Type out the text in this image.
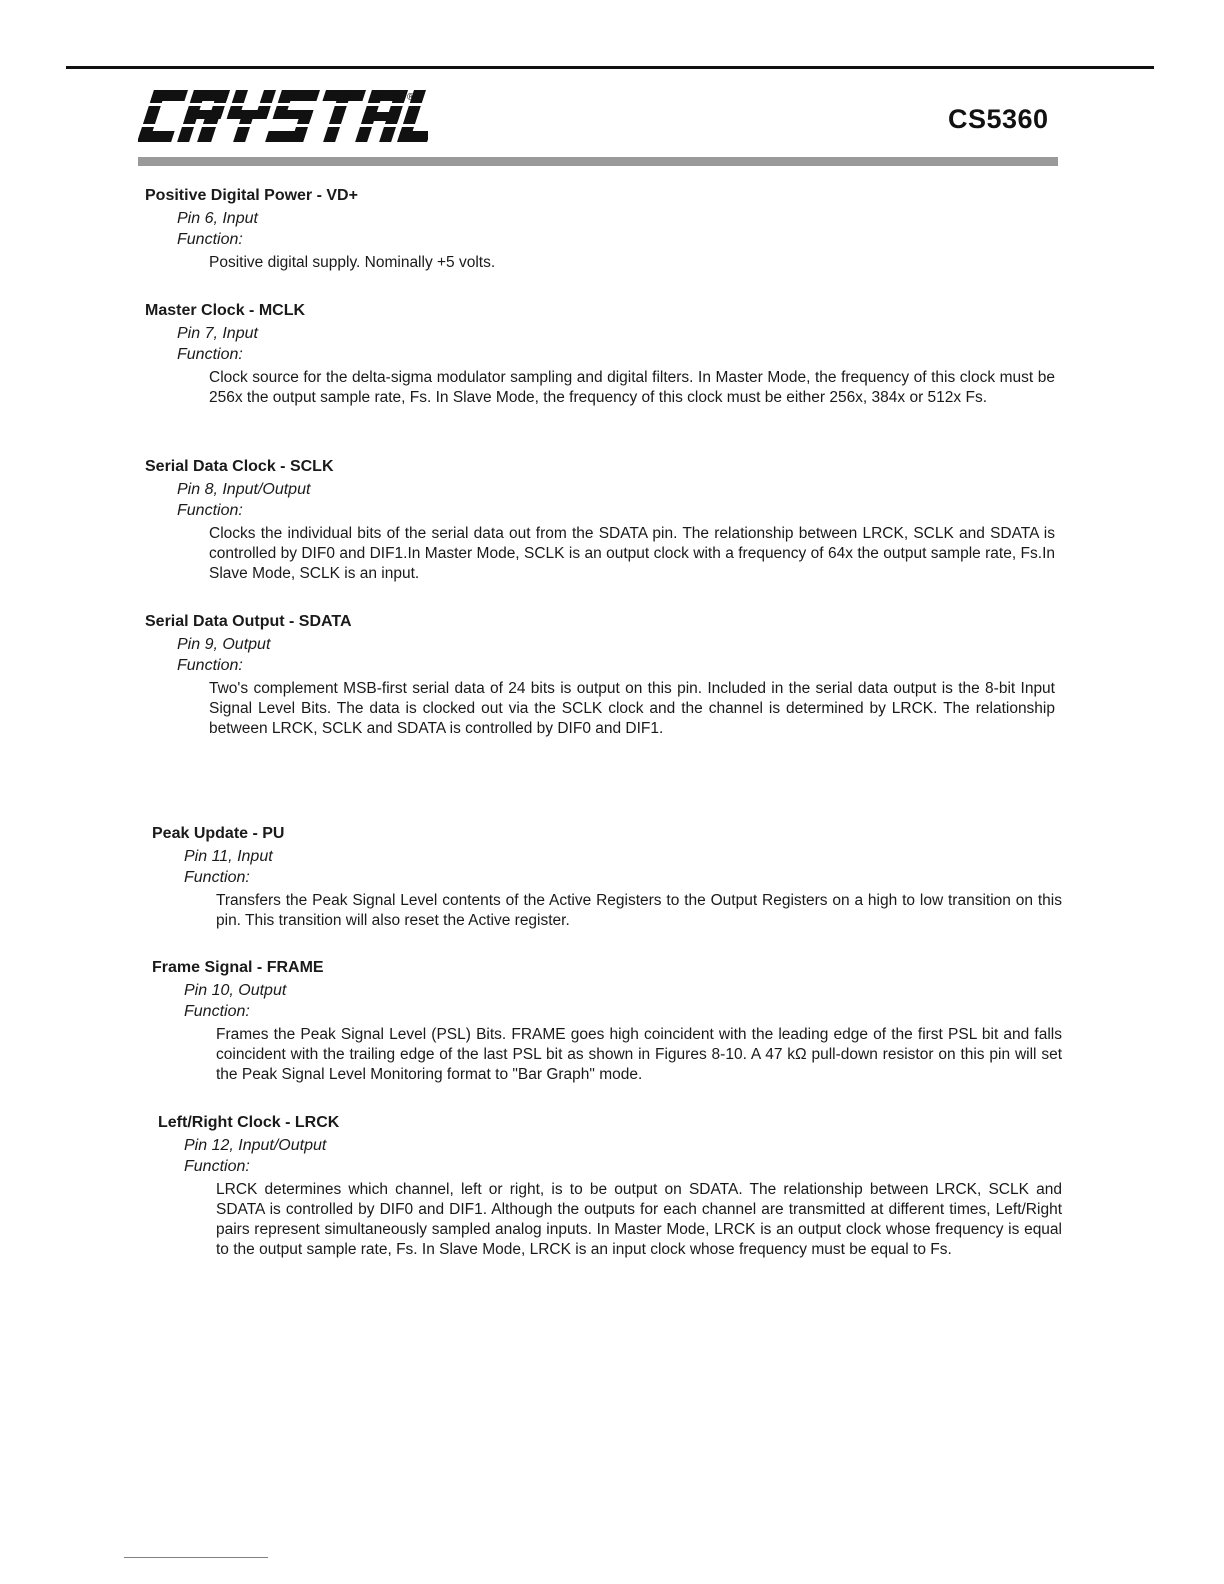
®
CS5360

Positive Digital Power - VD+

Pin 6, Input
Function:
Positive digital supply. Nominally +5 volts.

Master Clock - MCLK

Pin 7, Input
Function:
Clock source for the delta-sigma modulator sampling and digital filters. In Master Mode, the frequency of this clock must be 256x the output sample rate, Fs. In Slave Mode, the frequency of this clock must be either 256x, 384x or 512x Fs.

Serial Data Clock - SCLK

Pin 8, Input/Output
Function:
Clocks the individual bits of the serial data out from the SDATA pin. The relationship between LRCK, SCLK and SDATA is controlled by DIF0 and DIF1.In Master Mode, SCLK is an output clock with a frequency of 64x the output sample rate, Fs.In Slave Mode, SCLK is an input.

Serial Data Output - SDATA

Pin 9, Output
Function:
Two's complement MSB-first serial data of 24 bits is output on this pin. Included in the serial data output is the 8-bit Input Signal Level Bits. The data is clocked out via the SCLK clock and the channel is determined by LRCK. The relationship between LRCK, SCLK and SDATA is controlled by DIF0 and DIF1.

Peak Update - PU

Pin 11, Input
Function:
Transfers the Peak Signal Level contents of the Active Registers to the Output Registers on a high to low transition on this pin. This transition will also reset the Active register.

Frame Signal - FRAME

Pin 10, Output
Function:
Frames the Peak Signal Level (PSL) Bits. FRAME goes high coincident with the leading edge of the first PSL bit and falls coincident with the trailing edge of the last PSL bit as shown in Figures 8-10. A 47 kΩ pull-down resistor on this pin will set the Peak Signal Level Monitoring format to "Bar Graph" mode.

Left/Right Clock - LRCK

Pin 12, Input/Output
Function:
LRCK determines which channel, left or right, is to be output on SDATA. The relationship between LRCK, SCLK and SDATA is controlled by DIF0 and DIF1. Although the outputs for each channel are transmitted at different times, Left/Right pairs represent simultaneously sampled analog inputs. In Master Mode, LRCK is an output clock whose frequency is equal to the output sample rate, Fs. In Slave Mode, LRCK is an input clock whose frequency must be equal to Fs.
